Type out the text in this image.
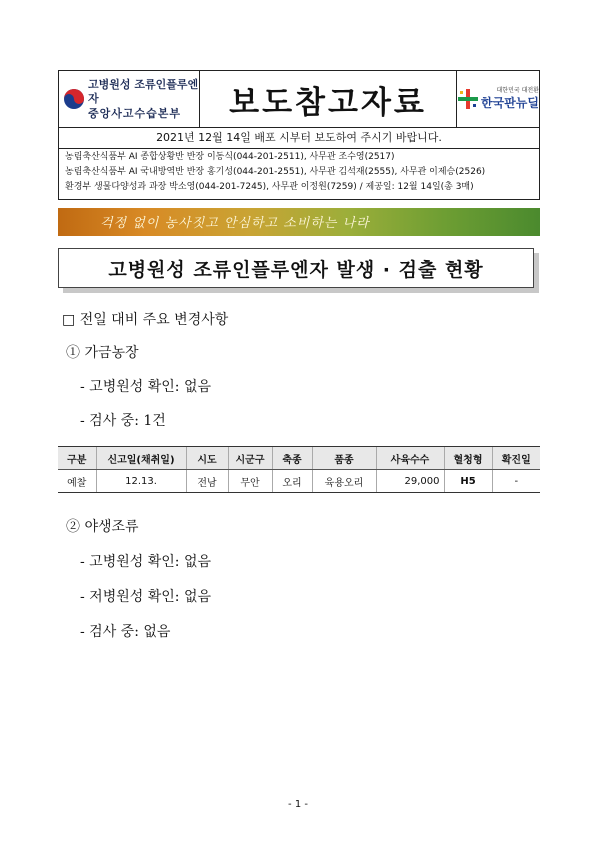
고병원성 조류인플루엔자
중앙사고수습본부	보도참고자료	대한민국 대전환
한국판뉴딜
2021년 12월 14일 배포 시부터 보도하여 주시기 바랍니다.
농림축산식품부 AI 종합상황반 반장 이동식(044-201-2511), 사무관 조수영(2517)
농림축산식품부 AI 국내방역반 반장 홍기성(044-201-2551), 사무관 김석재(2555), 사무관 이제승(2526)
환경부 생물다양성과 과장 박소영(044-201-7245), 사무관 이정원(7259) / 제공일: 12월 14일(총 3매)
걱정 없이 농사짓고 안심하고 소비하는 나라
고병원성 조류인플루엔자 발생 · 검출 현황
□ 전일 대비 주요 변경사항
① 가금농장
- 고병원성 확인: 없음
- 검사 중: 1건
구분	신고일(채취일)	시도	시군구	축종	품종	사육수수	혈청형	확진일
예찰	12.13.	전남	무안	오리	육용오리	29,000	H5	-
② 야생조류
- 고병원성 확인: 없음
- 저병원성 확인: 없음
- 검사 중: 없음
- 1 -
